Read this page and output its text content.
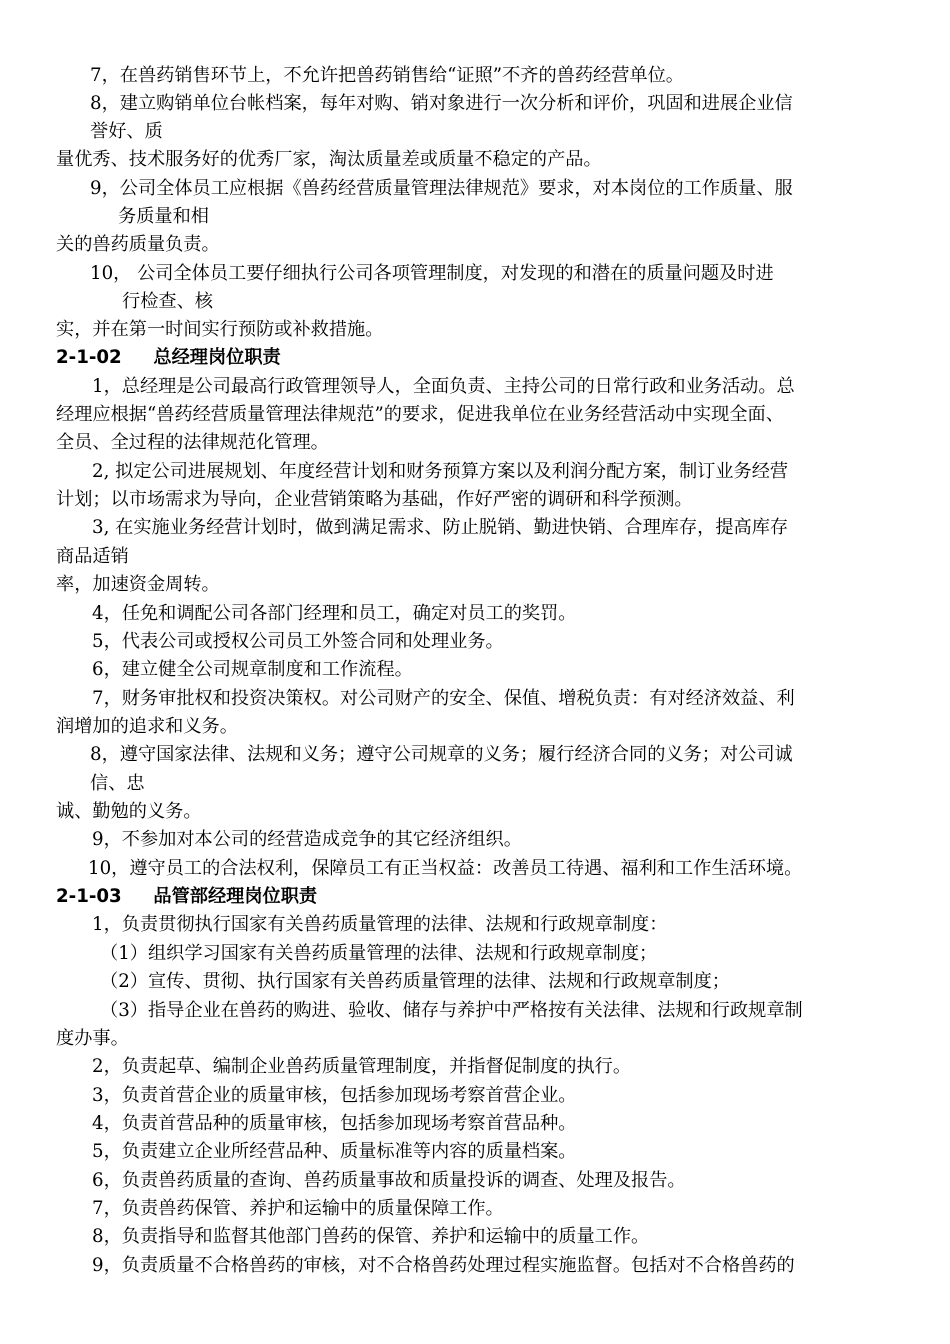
7，在兽药销售环节上，不允许把兽药销售给“证照”不齐的兽药经营单位。
8，建立购销单位台帐档案，每年对购、销对象进行一次分析和评价，巩固和进展企业信
誉好、质
量优秀、技术服务好的优秀厂家，淘汰质量差或质量不稳定的产品。
9，公司全体员工应根据《兽药经营质量管理法律规范》要求，对本岗位的工作质量、服
务质量和相
关的兽药质量负责。
10， 公司全体员工要仔细执行公司各项管理制度，对发现的和潜在的质量问题及时进
行检查、核
实，并在第一时间实行预防或补救措施。
2-1-02     总经理岗位职责
1，总经理是公司最高行政管理领导人，全面负责、主持公司的日常行政和业务活动。总
经理应根据“兽药经营质量管理法律规范”的要求，促进我单位在业务经营活动中实现全面、
全员、全过程的法律规范化管理。
2, 拟定公司进展规划、年度经营计划和财务预算方案以及利润分配方案，制订业务经营
计划；以市场需求为导向，企业营销策略为基础，作好严密的调研和科学预测。
3, 在实施业务经营计划时，做到满足需求、防止脱销、勤进快销、合理库存，提高库存
商品适销
率，加速资金周转。
4，任免和调配公司各部门经理和员工，确定对员工的奖罚。
5，代表公司或授权公司员工外签合同和处理业务。
6，建立健全公司规章制度和工作流程。
7，财务审批权和投资决策权。对公司财产的安全、保值、增税负责：有对经济效益、利
润增加的追求和义务。
8，遵守国家法律、法规和义务；遵守公司规章的义务；履行经济合同的义务；对公司诚
信、忠
诚、勤勉的义务。
9，不参加对本公司的经营造成竞争的其它经济组织。
10，遵守员工的合法权利，保障员工有正当权益：改善员工待遇、福利和工作生活环境。
2-1-03     品管部经理岗位职责
1，负责贯彻执行国家有关兽药质量管理的法律、法规和行政规章制度：
（1）组织学习国家有关兽药质量管理的法律、法规和行政规章制度；
（2）宣传、贯彻、执行国家有关兽药质量管理的法律、法规和行政规章制度；
（3）指导企业在兽药的购进、验收、储存与养护中严格按有关法律、法规和行政规章制
度办事。
2，负责起草、编制企业兽药质量管理制度，并指督促制度的执行。
3，负责首营企业的质量审核，包括参加现场考察首营企业。
4，负责首营品种的质量审核，包括参加现场考察首营品种。
5，负责建立企业所经营品种、质量标准等内容的质量档案。
6，负责兽药质量的查询、兽药质量事故和质量投诉的调查、处理及报告。
7，负责兽药保管、养护和运输中的质量保障工作。
8，负责指导和监督其他部门兽药的保管、养护和运输中的质量工作。
9，负责质量不合格兽药的审核，对不合格兽药处理过程实施监督。包括对不合格兽药的
